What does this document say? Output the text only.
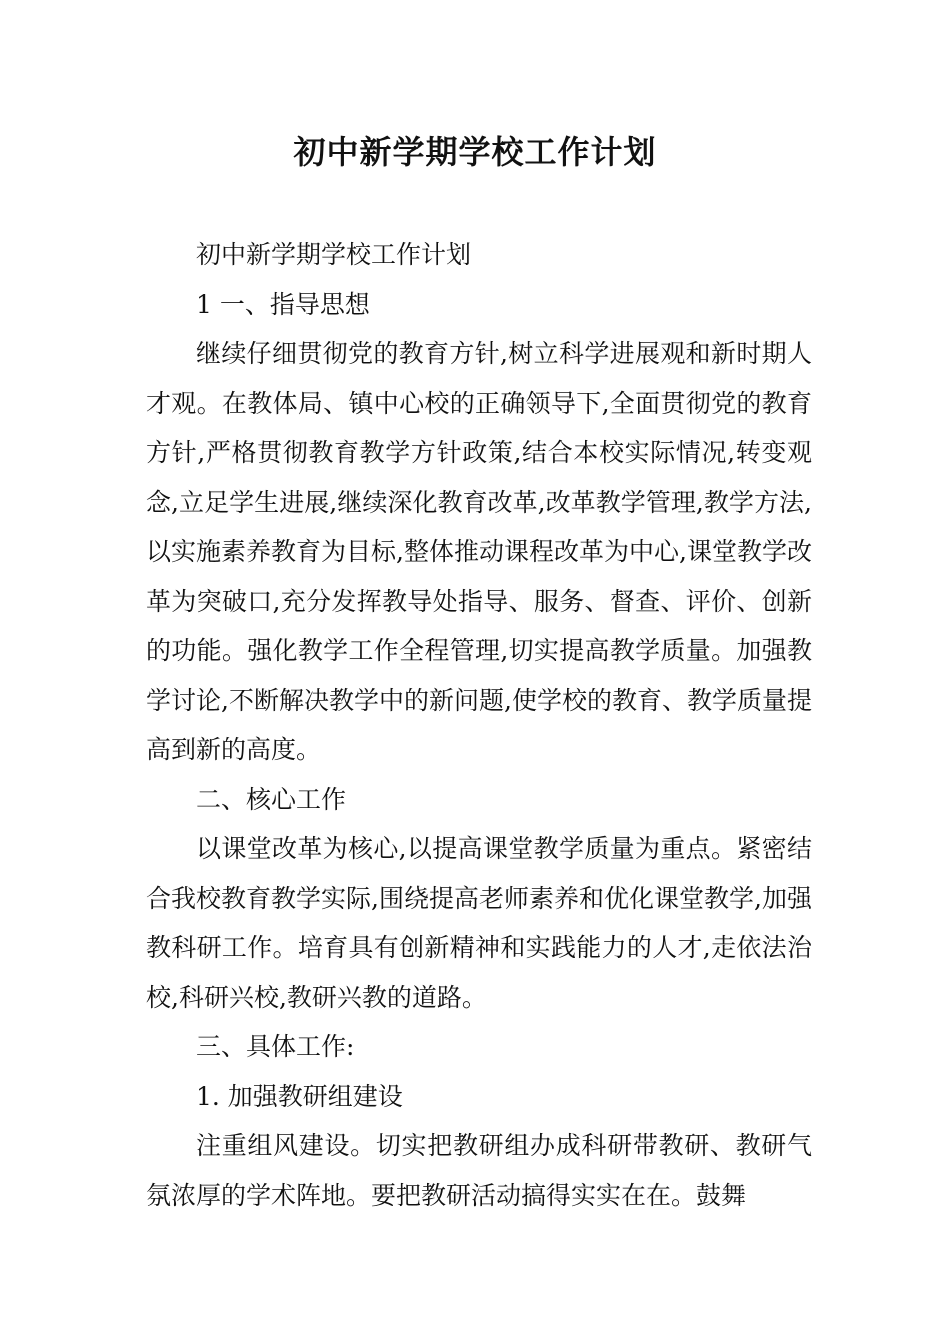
初中新学期学校工作计划

初中新学期学校工作计划

1 一、指导思想

继续仔细贯彻党的教育方针,树立科学进展观和新时期人才观。在教体局、镇中心校的正确领导下,全面贯彻党的教育方针,严格贯彻教育教学方针政策,结合本校实际情况,转变观念,立足学生进展,继续深化教育改革,改革教学管理,教学方法,以实施素养教育为目标,整体推动课程改革为中心,课堂教学改革为突破口,充分发挥教导处指导、服务、督查、评价、创新的功能。强化教学工作全程管理,切实提高教学质量。加强教学讨论,不断解决教学中的新问题,使学校的教育、教学质量提高到新的高度。

二、核心工作

以课堂改革为核心,以提高课堂教学质量为重点。紧密结合我校教育教学实际,围绕提高老师素养和优化课堂教学,加强教科研工作。培育具有创新精神和实践能力的人才,走依法治校,科研兴校,教研兴教的道路。

三、具体工作:

1. 加强教研组建设

注重组风建设。切实把教研组办成科研带教研、教研气氛浓厚的学术阵地。要把教研活动搞得实实在在。鼓舞
